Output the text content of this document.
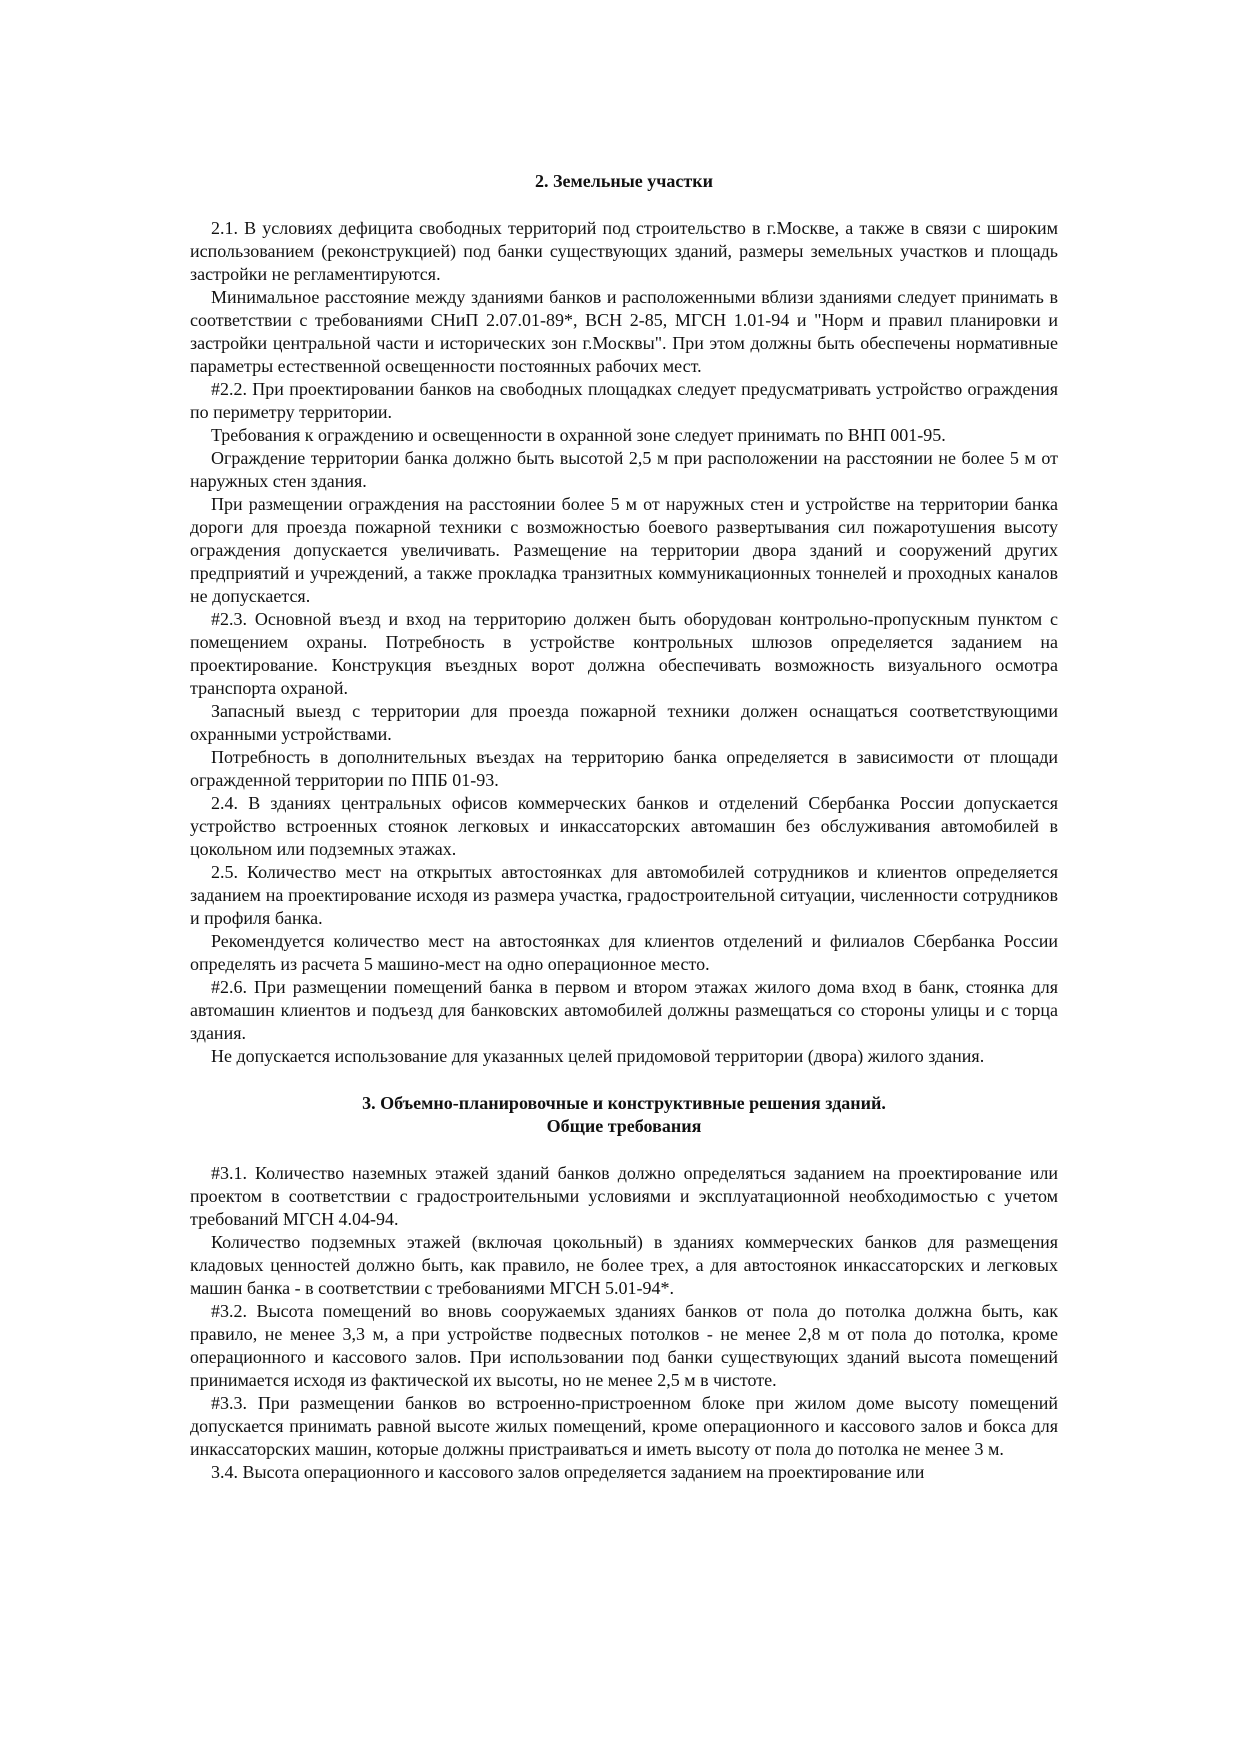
2. Земельные участки

2.1. В условиях дефицита свободных территорий под строительство в г.Москве, а также в связи с широким использованием (реконструкцией) под банки существующих зданий, размеры земельных участков и площадь застройки не регламентируются.

Минимальное расстояние между зданиями банков и расположенными вблизи зданиями следует принимать в соответствии с требованиями СНиП 2.07.01-89*, ВСН 2-85, МГСН 1.01-94 и "Норм и правил планировки и застройки центральной части и исторических зон г.Москвы". При этом должны быть обеспечены нормативные параметры естественной освещенности постоянных рабочих мест.

#2.2. При проектировании банков на свободных площадках следует предусматривать устройство ограждения по периметру территории.

Требования к ограждению и освещенности в охранной зоне следует принимать по ВНП 001-95.

Ограждение территории банка должно быть высотой 2,5 м при расположении на расстоянии не более 5 м от наружных стен здания.

При размещении ограждения на расстоянии более 5 м от наружных стен и устройстве на территории банка дороги для проезда пожарной техники с возможностью боевого развертывания сил пожаротушения высоту ограждения допускается увеличивать. Размещение на территории двора зданий и сооружений других предприятий и учреждений, а также прокладка транзитных коммуникационных тоннелей и проходных каналов не допускается.

#2.3. Основной въезд и вход на территорию должен быть оборудован контрольно-пропускным пунктом с помещением охраны. Потребность в устройстве контрольных шлюзов определяется заданием на проектирование. Конструкция въездных ворот должна обеспечивать возможность визуального осмотра транспорта охраной.

Запасный выезд с территории для проезда пожарной техники должен оснащаться соответствующими охранными устройствами.

Потребность в дополнительных въездах на территорию банка определяется в зависимости от площади огражденной территории по ППБ 01-93.

2.4. В зданиях центральных офисов коммерческих банков и отделений Сбербанка России допускается устройство встроенных стоянок легковых и инкассаторских автомашин без обслуживания автомобилей в цокольном или подземных этажах.

2.5. Количество мест на открытых автостоянках для автомобилей сотрудников и клиентов определяется заданием на проектирование исходя из размера участка, градостроительной ситуации, численности сотрудников и профиля банка.

Рекомендуется количество мест на автостоянках для клиентов отделений и филиалов Сбербанка России определять из расчета 5 машино-мест на одно операционное место.

#2.6. При размещении помещений банка в первом и втором этажах жилого дома вход в банк, стоянка для автомашин клиентов и подъезд для банковских автомобилей должны размещаться со стороны улицы и с торца здания.

Не допускается использование для указанных целей придомовой территории (двора) жилого здания.

3. Объемно-планировочные и конструктивные решения зданий.
Общие требования

#3.1. Количество наземных этажей зданий банков должно определяться заданием на проектирование или проектом в соответствии с градостроительными условиями и эксплуатационной необходимостью с учетом требований МГСН 4.04-94.

Количество подземных этажей (включая цокольный) в зданиях коммерческих банков для размещения кладовых ценностей должно быть, как правило, не более трех, а для автостоянок инкассаторских и легковых машин банка - в соответствии с требованиями МГСН 5.01-94*.

#3.2. Высота помещений во вновь сооружаемых зданиях банков от пола до потолка должна быть, как правило, не менее 3,3 м, а при устройстве подвесных потолков - не менее 2,8 м от пола до потолка, кроме операционного и кассового залов. При использовании под банки существующих зданий высота помещений принимается исходя из фактической их высоты, но не менее 2,5 м в чистоте.

#3.3. При размещении банков во встроенно-пристроенном блоке при жилом доме высоту помещений допускается принимать равной высоте жилых помещений, кроме операционного и кассового залов и бокса для инкассаторских машин, которые должны пристраиваться и иметь высоту от пола до потолка не менее 3 м.

3.4. Высота операционного и кассового залов определяется заданием на проектирование или
